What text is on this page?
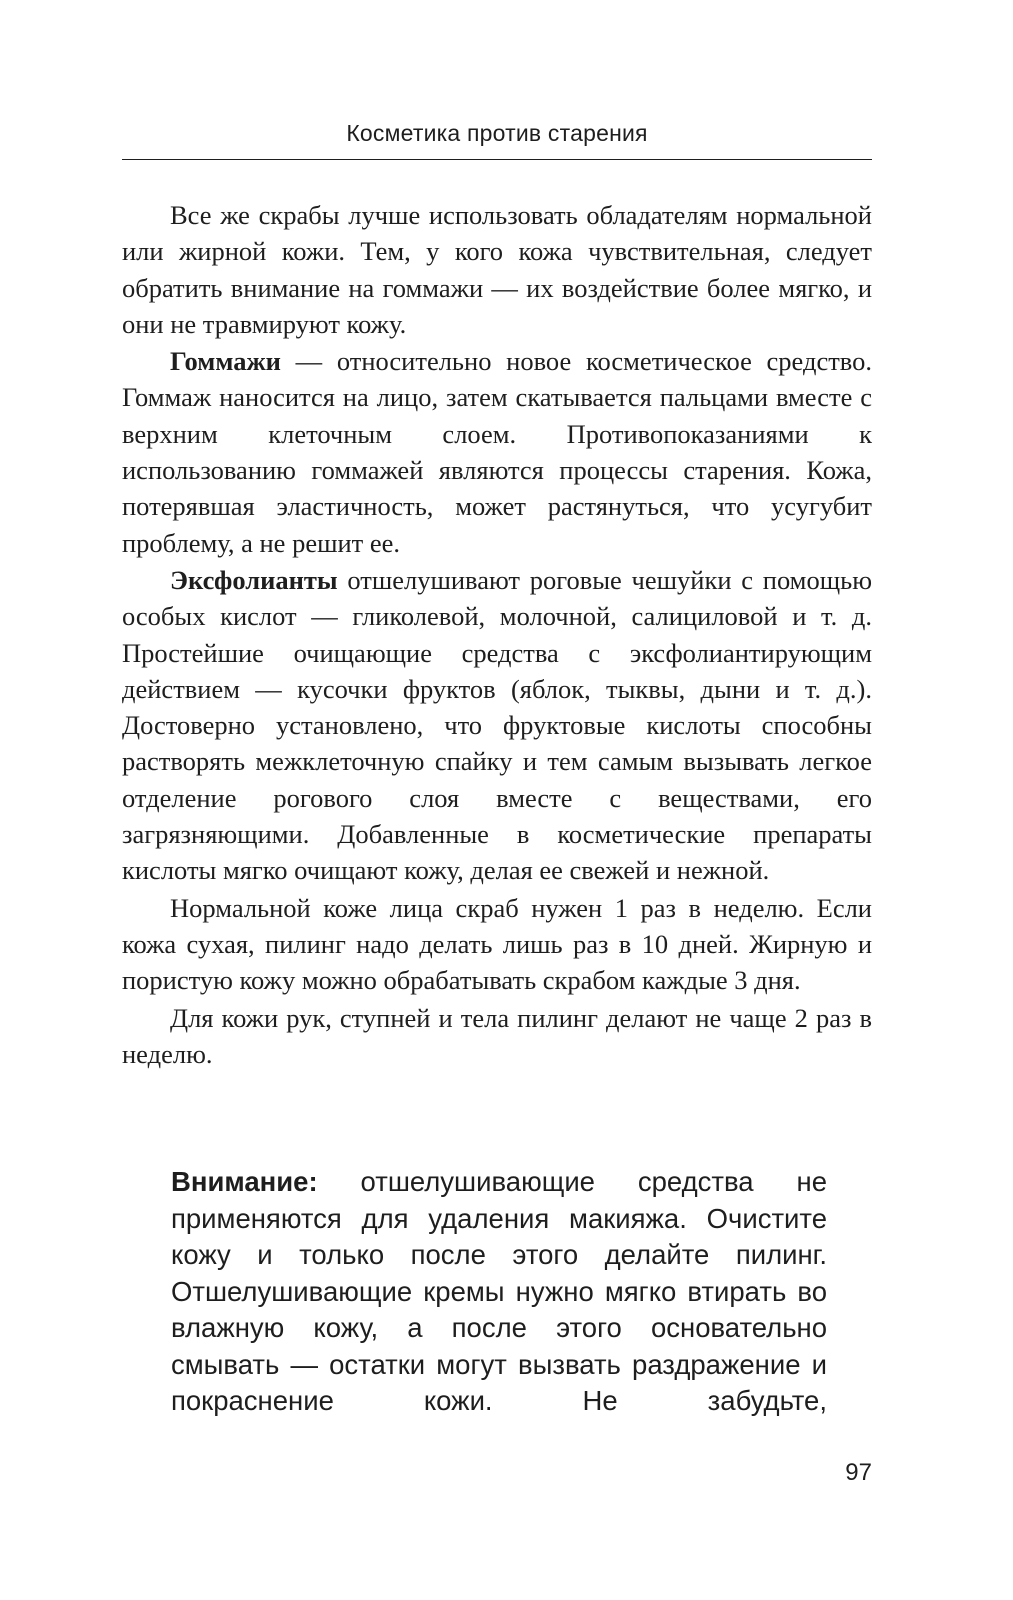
Косметика против старения

Все же скрабы лучше использовать обладателям нормальной или жирной кожи. Тем, у кого кожа чувствительная, следует обратить внимание на гоммажи — их воздействие более мягко, и они не травмируют кожу.

Гоммажи — относительно новое косметическое средство. Гоммаж наносится на лицо, затем скатывается пальцами вместе с верхним клеточным слоем. Противопоказаниями к использованию гоммажей являются процессы старения. Кожа, потерявшая эластичность, может растянуться, что усугубит проблему, а не решит ее.

Эксфолианты отшелушивают роговые чешуйки с помощью особых кислот — гликолевой, молочной, салициловой и т. д. Простейшие очищающие средства с эксфолиантирующим действием — кусочки фруктов (яблок, тыквы, дыни и т. д.). Достоверно установлено, что фруктовые кислоты способны растворять межклеточную спайку и тем самым вызывать легкое отделение рогового слоя вместе с веществами, его загрязняющими. Добавленные в косметические препараты кислоты мягко очищают кожу, делая ее свежей и нежной.

Нормальной коже лица скраб нужен 1 раз в неделю. Если кожа сухая, пилинг надо делать лишь раз в 10 дней. Жирную и пористую кожу можно обрабатывать скрабом каждые 3 дня.

Для кожи рук, ступней и тела пилинг делают не чаще 2 раз в неделю.

Внимание: отшелушивающие средства не применяются для удаления макияжа. Очистите кожу и только после этого делайте пилинг. Отшелушивающие кремы нужно мягко втирать во влажную кожу, а после этого основательно смывать — остатки могут вызвать раздражение и покраснение кожи. Не забудьте,

97
